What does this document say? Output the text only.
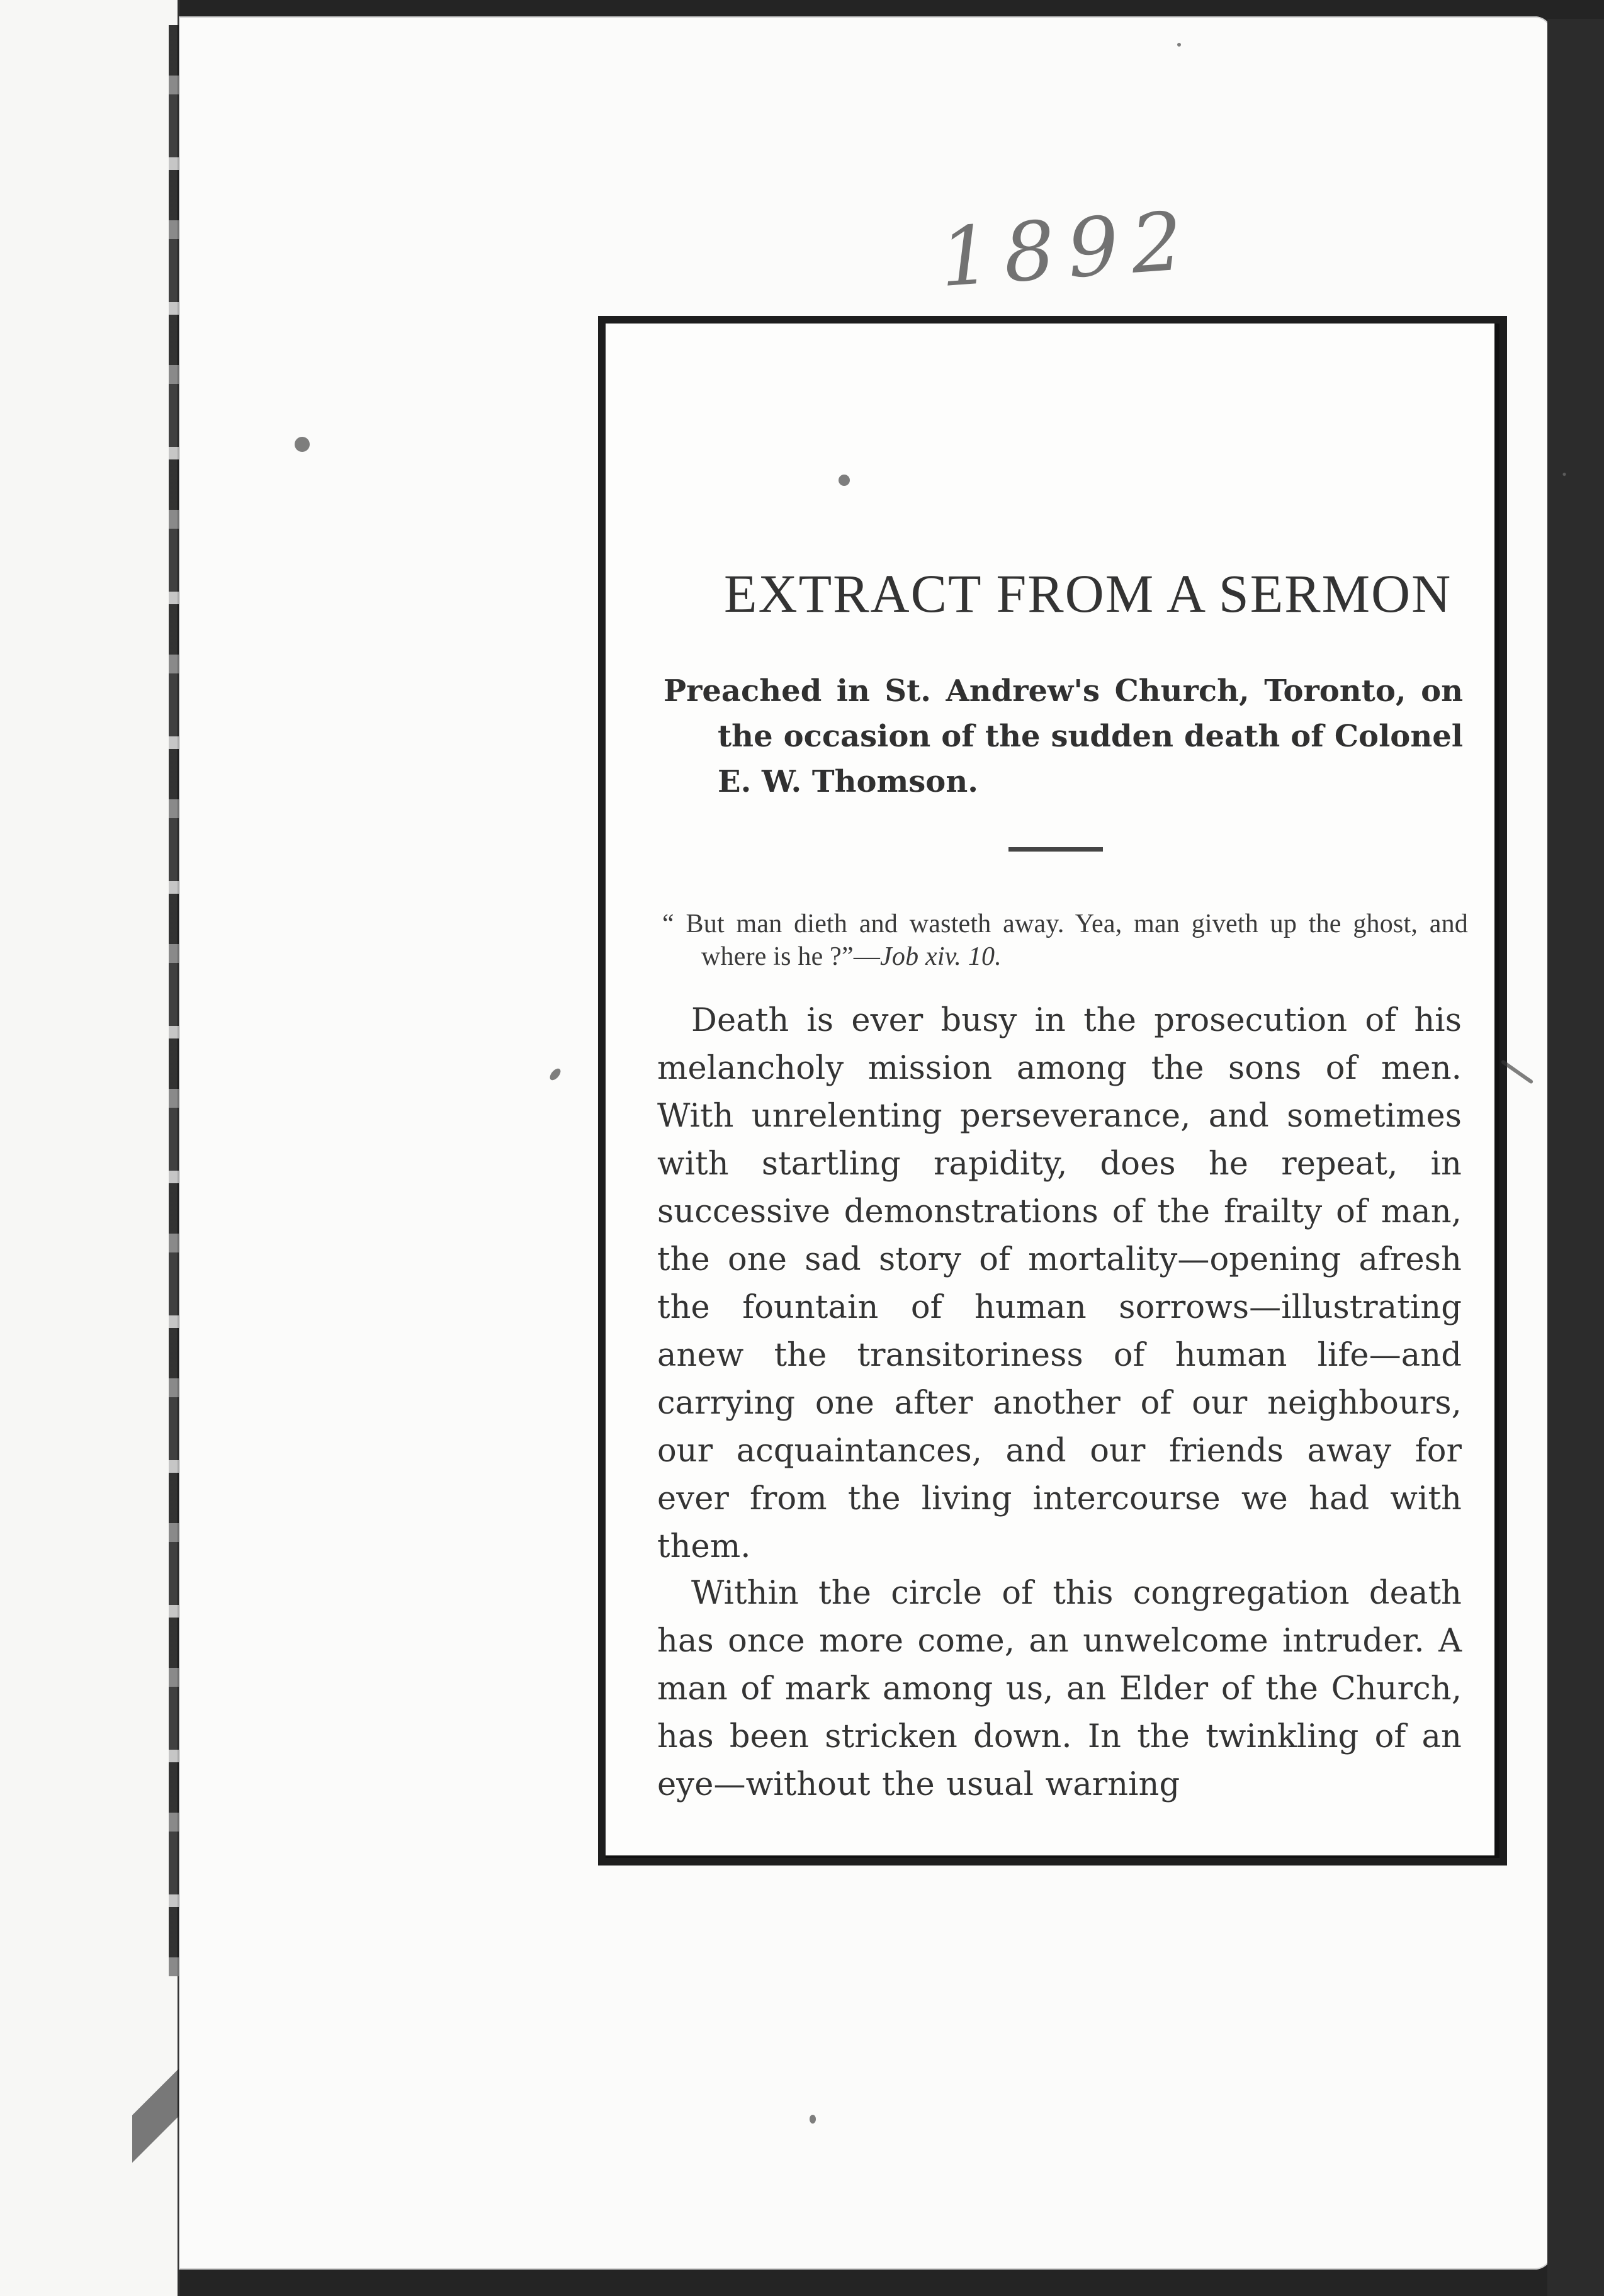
1892
EXTRACT FROM A SERMON
Preached in St. Andrew's Church, Toronto, on the occasion of the sudden death of Colonel E. W. Thomson.
“ But man dieth and wasteth away. Yea, man giveth up the ghost, and where is he ?”—Job xiv. 10.
Death is ever busy in the prosecution of his melancholy mission among the sons of men. With unrelenting perseverance, and sometimes with startling rapidity, does he repeat, in successive demonstrations of the frailty of man, the one sad story of mortality—opening afresh the fountain of human sorrows—illustrating anew the transitoriness of human life—and carrying one after another of our neighbours, our acquaintances, and our friends away for ever from the living intercourse we had with them.
Within the circle of this congregation death has once more come, an unwelcome intruder. A man of mark among us, an Elder of the Church, has been stricken down. In the twinkling of an eye—without the usual warning
